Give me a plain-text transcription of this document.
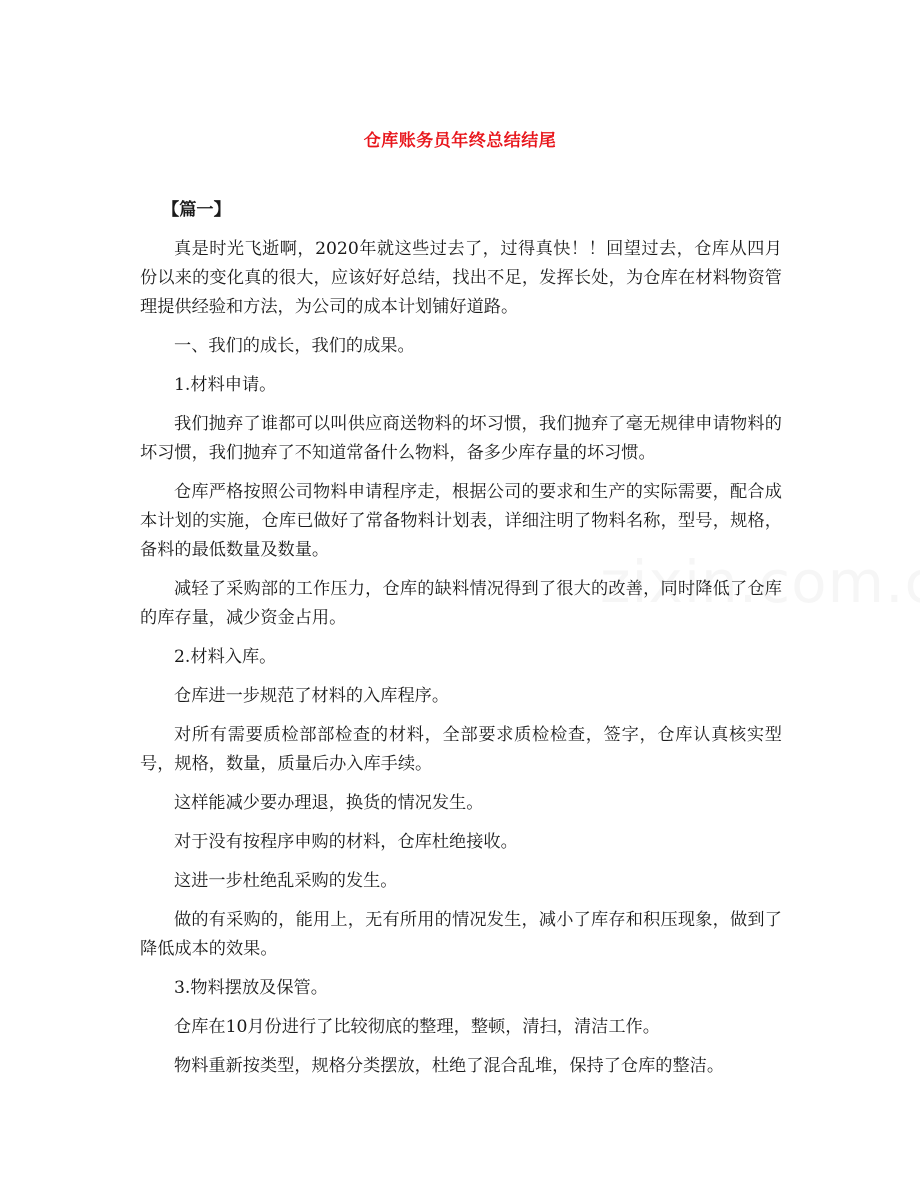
仓库账务员年终总结结尾

【篇一】

真是时光飞逝啊，2020年就这些过去了，过得真快！！回望过去，仓库从四月份以来的变化真的很大，应该好好总结，找出不足，发挥长处，为仓库在材料物资管理提供经验和方法，为公司的成本计划铺好道路。

一、我们的成长，我们的成果。

1.材料申请。

我们抛弃了谁都可以叫供应商送物料的坏习惯，我们抛弃了毫无规律申请物料的坏习惯，我们抛弃了不知道常备什么物料，备多少库存量的坏习惯。

仓库严格按照公司物料申请程序走，根据公司的要求和生产的实际需要，配合成本计划的实施，仓库已做好了常备物料计划表，详细注明了物料名称，型号，规格，备料的最低数量及数量。

减轻了采购部的工作压力，仓库的缺料情况得到了很大的改善，同时降低了仓库的库存量，减少资金占用。

2.材料入库。

仓库进一步规范了材料的入库程序。

对所有需要质检部部检查的材料，全部要求质检检查，签字，仓库认真核实型号，规格，数量，质量后办入库手续。

这样能减少要办理退，换货的情况发生。

对于没有按程序申购的材料，仓库杜绝接收。

这进一步杜绝乱采购的发生。

做的有采购的，能用上，无有所用的情况发生，减小了库存和积压现象，做到了降低成本的效果。

3.物料摆放及保管。

仓库在10月份进行了比较彻底的整理，整顿，清扫，清洁工作。

物料重新按类型，规格分类摆放，杜绝了混合乱堆，保持了仓库的整洁。
